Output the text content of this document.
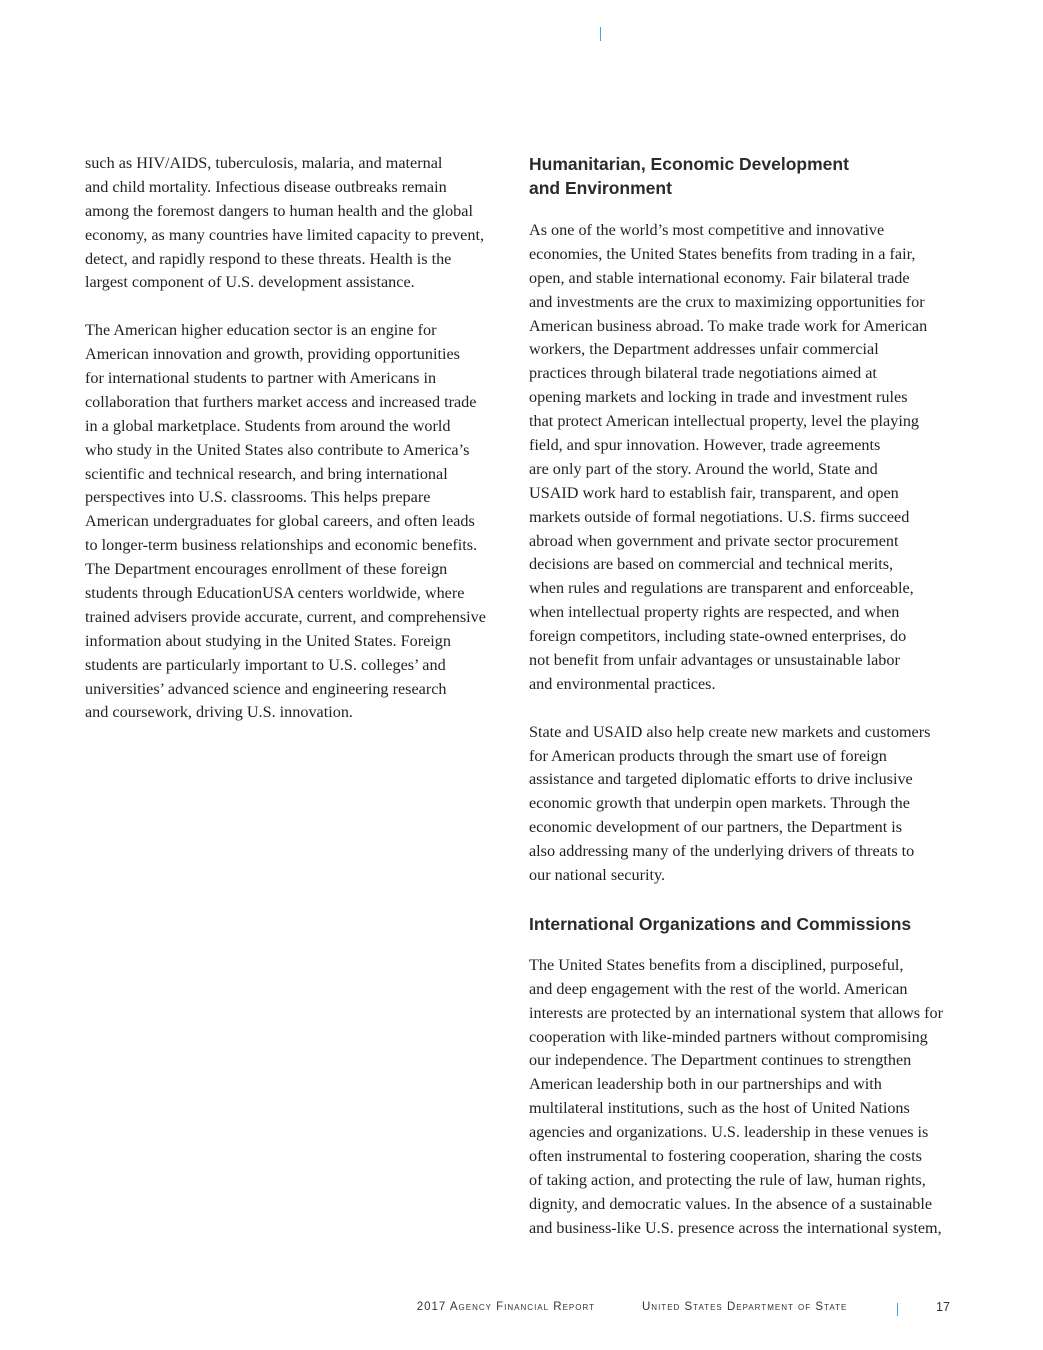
such as HIV/AIDS, tuberculosis, malaria, and maternal
and child mortality. Infectious disease outbreaks remain
among the foremost dangers to human health and the global
economy, as many countries have limited capacity to prevent,
detect, and rapidly respond to these threats. Health is the
largest component of U.S. development assistance.
The American higher education sector is an engine for
American innovation and growth, providing opportunities
for international students to partner with Americans in
collaboration that furthers market access and increased trade
in a global marketplace. Students from around the world
who study in the United States also contribute to America’s
scientific and technical research, and bring international
perspectives into U.S. classrooms. This helps prepare
American undergraduates for global careers, and often leads
to longer-term business relationships and economic benefits.
The Department encourages enrollment of these foreign
students through EducationUSA centers worldwide, where
trained advisers provide accurate, current, and comprehensive
information about studying in the United States. Foreign
students are particularly important to U.S. colleges’ and
universities’ advanced science and engineering research
and coursework, driving U.S. innovation.
Humanitarian, Economic Development
and Environment
As one of the world’s most competitive and innovative
economies, the United States benefits from trading in a fair,
open, and stable international economy. Fair bilateral trade
and investments are the crux to maximizing opportunities for
American business abroad. To make trade work for American
workers, the Department addresses unfair commercial
practices through bilateral trade negotiations aimed at
opening markets and locking in trade and investment rules
that protect American intellectual property, level the playing
field, and spur innovation. However, trade agreements
are only part of the story. Around the world, State and
USAID work hard to establish fair, transparent, and open
markets outside of formal negotiations. U.S. firms succeed
abroad when government and private sector procurement
decisions are based on commercial and technical merits,
when rules and regulations are transparent and enforceable,
when intellectual property rights are respected, and when
foreign competitors, including state-owned enterprises, do
not benefit from unfair advantages or unsustainable labor
and environmental practices.
State and USAID also help create new markets and customers
for American products through the smart use of foreign
assistance and targeted diplomatic efforts to drive inclusive
economic growth that underpin open markets. Through the
economic development of our partners, the Department is
also addressing many of the underlying drivers of threats to
our national security.
International Organizations and Commissions
The United States benefits from a disciplined, purposeful,
and deep engagement with the rest of the world. American
interests are protected by an international system that allows for
cooperation with like-minded partners without compromising
our independence. The Department continues to strengthen
American leadership both in our partnerships and with
multilateral institutions, such as the host of United Nations
agencies and organizations. U.S. leadership in these venues is
often instrumental to fostering cooperation, sharing the costs
of taking action, and protecting the rule of law, human rights,
dignity, and democratic values. In the absence of a sustainable
and business-like U.S. presence across the international system,
2017 Agency Financial Report	United States Department of State	17
